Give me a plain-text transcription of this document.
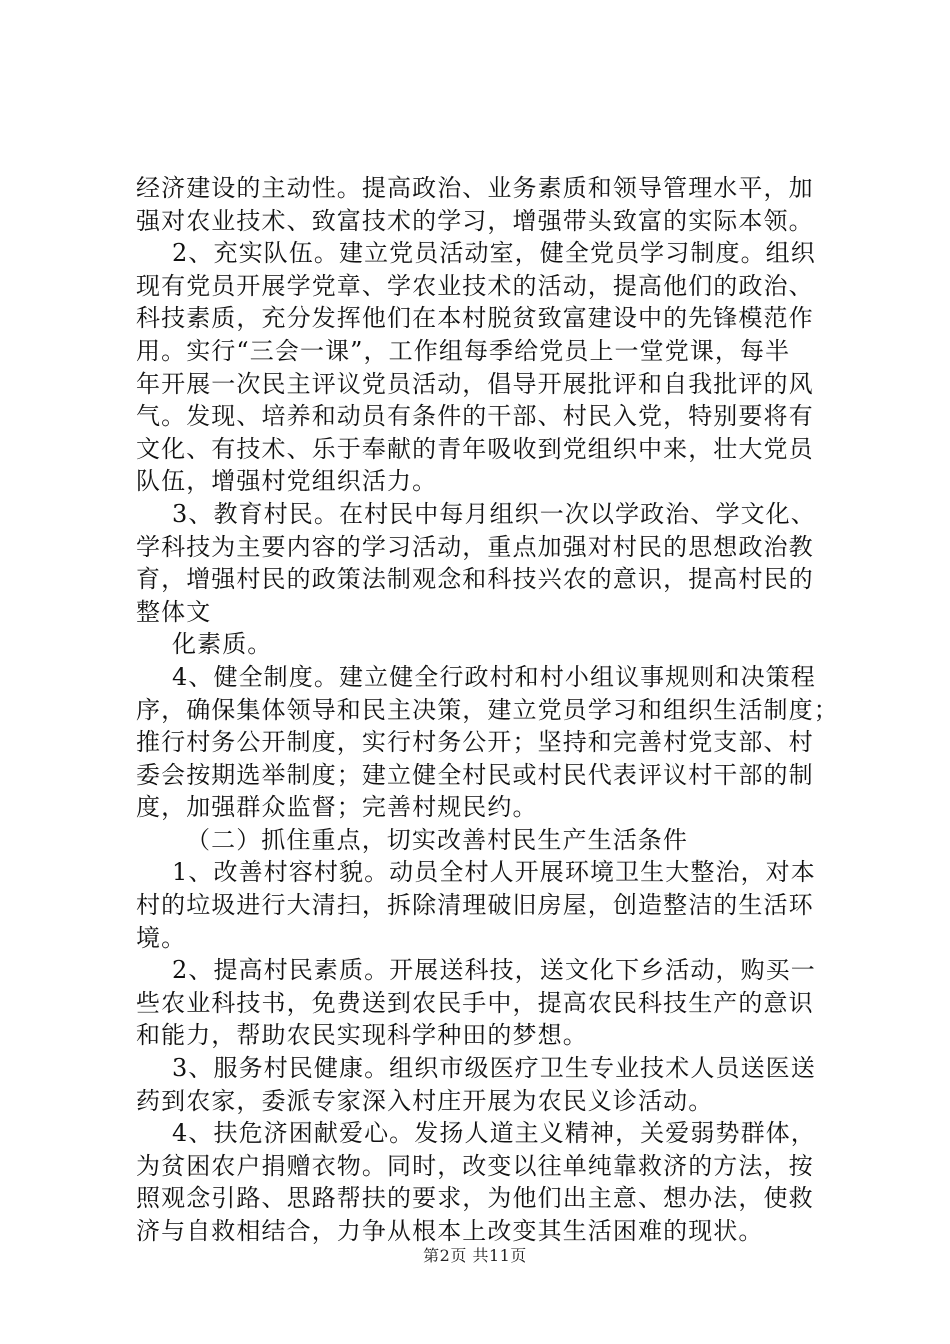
经济建设的主动性。提高政治、业务素质和领导管理水平，加
强对农业技术、致富技术的学习，增强带头致富的实际本领。
2、充实队伍。建立党员活动室，健全党员学习制度。组织
现有党员开展学党章、学农业技术的活动，提高他们的政治、
科技素质，充分发挥他们在本村脱贫致富建设中的先锋模范作
用。实行“三会一课”，工作组每季给党员上一堂党课，每半
年开展一次民主评议党员活动，倡导开展批评和自我批评的风
气。发现、培养和动员有条件的干部、村民入党，特别要将有
文化、有技术、乐于奉献的青年吸收到党组织中来，壮大党员
队伍，增强村党组织活力。
3、教育村民。在村民中每月组织一次以学政治、学文化、
学科技为主要内容的学习活动，重点加强对村民的思想政治教
育，增强村民的政策法制观念和科技兴农的意识，提高村民的
整体文
化素质。
4、健全制度。建立健全行政村和村小组议事规则和决策程
序，确保集体领导和民主决策，建立党员学习和组织生活制度；
推行村务公开制度，实行村务公开；坚持和完善村党支部、村
委会按期选举制度；建立健全村民或村民代表评议村干部的制
度，加强群众监督；完善村规民约。
（二）抓住重点，切实改善村民生产生活条件
1、改善村容村貌。动员全村人开展环境卫生大整治，对本
村的垃圾进行大清扫，拆除清理破旧房屋，创造整洁的生活环
境。
2、提高村民素质。开展送科技，送文化下乡活动，购买一
些农业科技书，免费送到农民手中，提高农民科技生产的意识
和能力，帮助农民实现科学种田的梦想。
3、服务村民健康。组织市级医疗卫生专业技术人员送医送
药到农家，委派专家深入村庄开展为农民义诊活动。
4、扶危济困献爱心。发扬人道主义精神，关爱弱势群体，
为贫困农户捐赠衣物。同时，改变以往单纯靠救济的方法，按
照观念引路、思路帮扶的要求，为他们出主意、想办法，使救
济与自救相结合，力争从根本上改变其生活困难的现状。
第2页 共11页
